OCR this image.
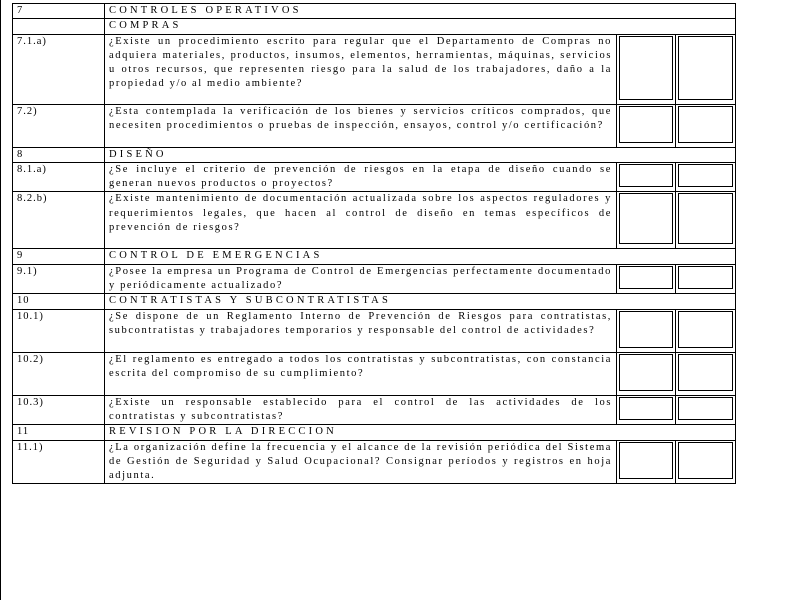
7	CONTROLES OPERATIVOS		
	COMPRAS		
7.1.a)	¿Existe un procedimiento escrito para regular que el Departamento de Compras no adquiera materiales, productos, insumos, elementos, herramientas, máquinas, servicios u otros recursos, que representen riesgo para la salud de los trabajadores, daño a la propiedad y/o al medio ambiente?	

7.2)	¿Esta contemplada la verificación de los bienes y servicios críticos comprados, que necesiten procedimientos o pruebas de inspección, ensayos, control y/o certificación?	

8	DISEÑO		
8.1.a)	¿Se incluye el criterio de prevención de riesgos en la etapa de diseño cuando se generan nuevos productos o proyectos?	

8.2.b)	¿Existe mantenimiento de documentación actualizada sobre los aspectos reguladores y requerimientos legales, que hacen al control de diseño en temas específicos de prevención de riesgos?	

9	CONTROL DE EMERGENCIAS		
9.1)	¿Posee la empresa un Programa de Control de Emergencias perfectamente documentado y periódicamente actualizado?	

10	CONTRATISTAS Y SUBCONTRATISTAS		
10.1)	¿Se dispone de un Reglamento Interno de Prevención de Riesgos para contratistas, subcontratistas y trabajadores temporarios y responsable del control de actividades?	

10.2)	¿El reglamento es entregado a todos los contratistas y subcontratistas, con constancia escrita del compromiso de su cumplimiento?	

10.3)	¿Existe un responsable establecido para el control de las actividades de los contratistas y subcontratistas?	

11	REVISION POR LA DIRECCION		
11.1)	¿La organización define la frecuencia y el alcance de la revisión periódica del Sistema de Gestión de Seguridad y Salud Ocupacional? Consignar períodos y registros en hoja adjunta.	
